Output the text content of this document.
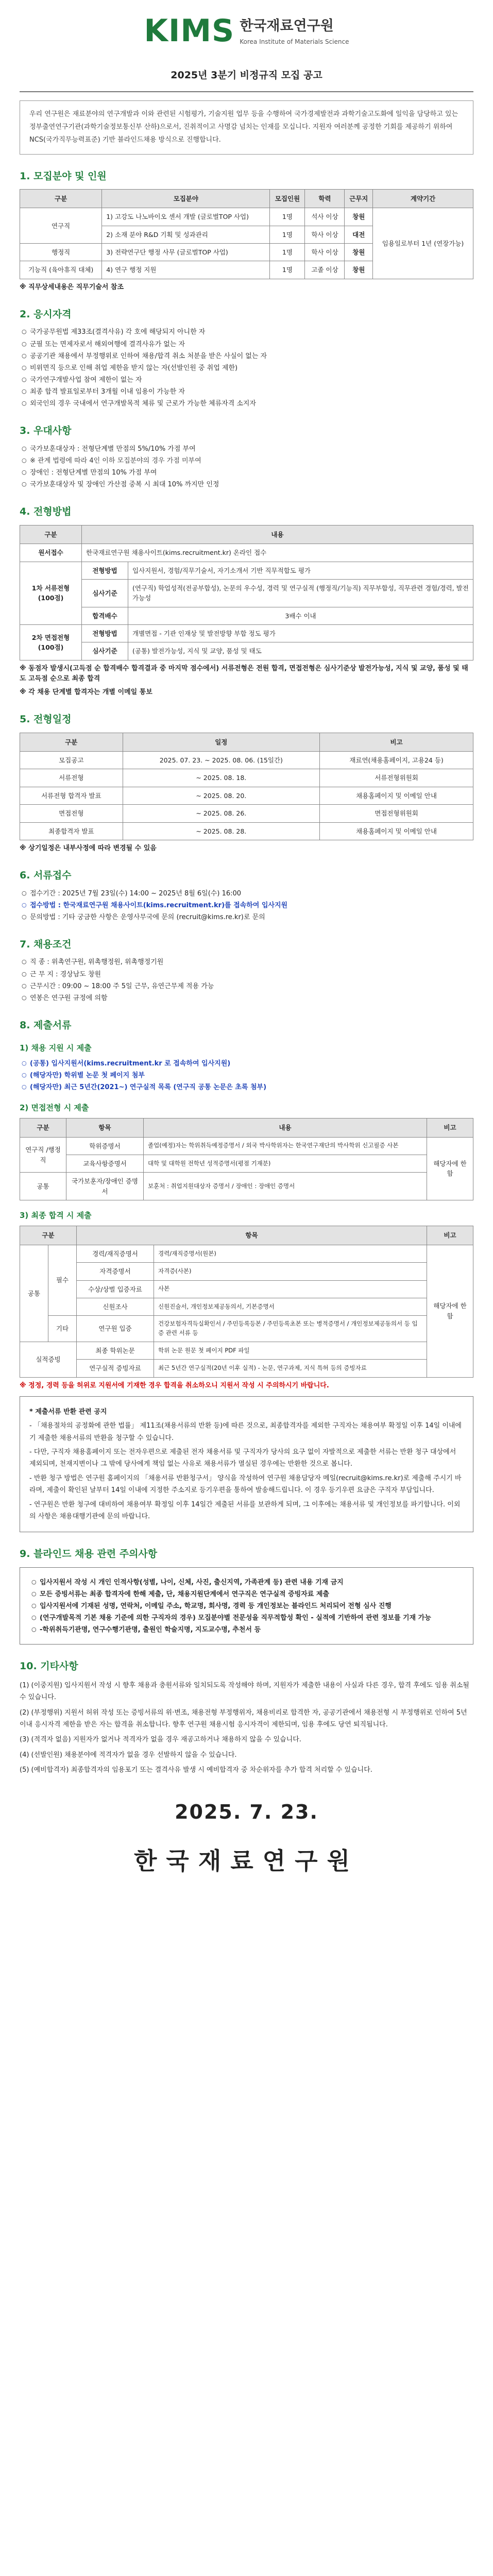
KIMS 한국재료연구원
Korea Institute of Materials Science
2025년 3분기 비정규직 모집 공고
우리 연구원은 재료분야의 연구개발과 이와 관련된 시험평가, 기술지원 업무 등을 수행하여 국가경제발전과 과학기술고도화에 일익을 담당하고 있는 정부출연연구기관(과학기술정보통신부 산하)으로서, 진취적이고 사명감 넘치는 인재를 모십니다. 지원자 여러분께 공정한 기회를 제공하기 위하여 NCS(국가직무능력표준) 기반 블라인드채용 방식으로 진행합니다.
1. 모집분야 및 인원
구분	모집분야	모집인원	학력	근무지	계약기간
연구직	1) 고강도 나노바이오 센서 개발 (글로벌TOP 사업)	1명	석사 이상	창원	임용일로부터 1년 (연장가능)
	2) 소재 분야 R&D 기획 및 성과관리	1명	학사 이상	대전	
행정직	3) 전략연구단 행정 사무 (글로벌TOP 사업)	1명	학사 이상	창원	
기능직 (육아휴직 대체)	4) 연구 행정 지원	1명	고졸 이상	창원	

※ 직무상세내용은 직무기술서 참조

2. 응시자격
○ 국가공무원법 제33조(결격사유) 각 호에 해당되지 아니한 자
○ 군필 또는 면제자로서 해외여행에 결격사유가 없는 자
○ 공공기관 채용에서 부정행위로 인하여 채용/합격 취소 처분을 받은 사실이 없는 자
○ 비위면직 등으로 인해 취업 제한을 받지 않는 자(선발인원 중 취업 제한)
○ 국가연구개발사업 참여 제한이 없는 자
○ 최종 합격 발표일로부터 3개월 이내 임용이 가능한 자
○ 외국인의 경우 국내에서 연구개발목적 체류 및 근로가 가능한 체류자격 소지자
3. 우대사항
○ 국가보훈대상자 : 전형단계별 만점의 5%/10% 가점 부여
○ ※ 관계 법령에 따라 4인 이하 모집분야의 경우 가점 미부여
○ 장애인 : 전형단계별 만점의 10% 가점 부여
○ 국가보훈대상자 및 장애인 가산점 중복 시 최대 10% 까지만 인정
4. 전형방법
구분	내용	
원서접수	한국재료연구원 채용사이트(kims.recruitment.kr) 온라인 접수	
1차 서류전형 (100점)	전형방법	입사지원서, 경험/직무기술서, 자기소개서 기반 직무적합도 평가
	심사기준	(연구직) 학업성적(전공부합성), 논문의 우수성, 경력 및 연구실적 (행정직/기능직) 직무부합성, 직무관련 경험/경력, 발전가능성
	합격배수	3배수 이내
2차 면접전형 (100점)	전형방법	개별면접 - 기관 인재상 및 발전방향 부합 정도 평가
	심사기준	(공통) 발전가능성, 지식 및 교양, 품성 및 태도

※ 동점자 발생시(고득점 순 합격배수 합격결과 중 마지막 점수에서) 서류전형은 전원 합격, 면접전형은 심사기준상 발전가능성, 지식 및 교양, 품성 및 태도 고득점 순으로 최종 합격

※ 각 채용 단계별 합격자는 개별 이메일 통보

5. 전형일정
구분	일정	비고
모집공고	2025. 07. 23. ~ 2025. 08. 06. (15일간)	재료연(채용홈페이지, 고용24 등)
서류전형	~ 2025. 08. 18.	서류전형위원회
서류전형 합격자 발표	~ 2025. 08. 20.	채용홈페이지 및 이메일 안내
면접전형	~ 2025. 08. 26.	면접전형위원회
최종합격자 발표	~ 2025. 08. 28.	채용홈페이지 및 이메일 안내

※ 상기일정은 내부사정에 따라 변경될 수 있음

6. 서류접수
○ 접수기간 : 2025년 7월 23일(수) 14:00 ~ 2025년 8월 6일(수) 16:00
○ 접수방법 : 한국재료연구원 채용사이트(kims.recruitment.kr)를 접속하여 입사지원
○ 문의방법 : 기타 궁금한 사항은 운영사무국에 문의 (recruit@kims.re.kr)로 문의
7. 채용조건
○ 직 종 : 위촉연구원, 위촉행정원, 위촉행정기원
○ 근 무 지 : 경상남도 창원
○ 근무시간 : 09:00 ~ 18:00 주 5일 근무, 유연근무제 적용 가능
○ 연봉은 연구원 규정에 의함
8. 제출서류
1) 채용 지원 시 제출
○ (공통) 입사지원서(kims.recruitment.kr 로 접속하여 입사지원)
○ (해당자만) 학위별 논문 첫 페이지 첨부
○ (해당자만) 최근 5년간(2021~) 연구실적 목록 (연구직 공통 논문은 초록 첨부)
2) 면접전형 시 제출
구분	항목	내용	비고
연구직 /행정직	학위증명서	졸업(예정)자는 학위취득예정증명서 / 외국 박사학위자는 한국연구재단의 박사학위 신고필증 사본	해당자에 한함
	교육사항증명서	대학 및 대학원 전학년 성적증명서(평점 기재분)	
공통	국가보훈자/장애인 증명서	보훈처 : 취업지원대상자 증명서 / 장애인 : 장애인 증명서	
3) 최종 합격 시 제출
구분		항목		비고
공통	필수	경력/재직증명서	경력/재직증명서(원본)	해당자에 한함
		자격증명서	자격증(사본)	
		수상/상벌 입증자료	사본	
		신원조사	신원진술서, 개인정보제공동의서, 기본증명서	
	기타	연구원 입증	건강보험자격득실확인서 / 주민등록등본 / 주민등록초본 또는 병적증명서 / 개인정보제공동의서 등 입증 관련 서류 등	
실적증빙		최종 학위논문	학위 논문 원문 첫 페이지 PDF 파일	
		연구실적 증빙자료	최근 5년간 연구실적(20년 이후 실적) - 논문, 연구과제, 지식 특허 등의 증빙자료	

※ 정정, 경력 등을 허위로 지원서에 기재한 경우 합격을 취소하오니 지원서 작성 시 주의하시기 바랍니다.

* 제출서류 반환 관련 공지

- 「채용절차의 공정화에 관한 법률」 제11조(채용서류의 반환 등)에 따른 것으로, 최종합격자를 제외한 구직자는 채용여부 확정일 이후 14일 이내에 기 제출한 채용서류의 반환을 청구할 수 있습니다.

- 다만, 구직자 채용홈페이지 또는 전자우편으로 제출된 전자 채용서류 및 구직자가 당사의 요구 없이 자발적으로 제출한 서류는 반환 청구 대상에서 제외되며, 천재지변이나 그 밖에 당사에게 책임 없는 사유로 채용서류가 멸실된 경우에는 반환한 것으로 봅니다.

- 반환 청구 방법은 연구원 홈페이지의 「채용서류 반환청구서」 양식을 작성하여 연구원 채용담당자 메일(recruit@kims.re.kr)로 제출해 주시기 바라며, 제출이 확인된 날부터 14일 이내에 지정한 주소지로 등기우편을 통하여 발송해드립니다. 이 경우 등기우편 요금은 구직자 부담입니다.

- 연구원은 반환 청구에 대비하여 채용여부 확정일 이후 14일간 제출된 서류를 보관하게 되며, 그 이후에는 채용서류 및 개인정보를 파기합니다. 이외의 사항은 채용대행기관에 문의 바랍니다.

9. 블라인드 채용 관련 주의사항
○ 입사지원서 작성 시 개인 인적사항(성별, 나이, 신체, 사진, 출신지역, 가족관계 등) 관련 내용 기재 금지
○ 모든 증빙서류는 최종 합격자에 한해 제출, 단, 채용지원단계에서 연구직은 연구실적 증빙자료 제출
○ 입사지원서에 기재된 성명, 연락처, 이메일 주소, 학교명, 회사명, 경력 등 개인정보는 블라인드 처리되어 전형 심사 진행
○ (연구개발목적 기본 채용 기준에 의한 구직자의 경우) 모집분야별 전문성을 직무적합성 확인 - 실적에 기반하여 관련 정보를 기재 가능
○ -학위취득기관명, 연구수행기관명, 출원인 학술지명, 지도교수명, 추천서 등
10. 기타사항

(1) (이중지원) 입사지원서 작성 시 향후 채용과 충원서류와 일치되도록 작성해야 하며, 지원자가 제출한 내용이 사실과 다른 경우, 합격 후에도 임용 취소될 수 있습니다.

(2) (부정행위) 지원서 허위 작성 또는 증빙서류의 위·변조, 채용전형 부정행위자, 채용비리로 합격한 자, 공공기관에서 채용전형 시 부정행위로 인하여 5년 이내 응시자격 제한을 받은 자는 합격을 취소합니다. 향후 연구원 채용시험 응시자격이 제한되며, 임용 후에도 당연 퇴직됩니다.

(3) (적격자 없음) 지원자가 없거나 적격자가 없을 경우 재공고하거나 채용하지 않을 수 있습니다.

(4) (선발인원) 채용분야에 적격자가 없을 경우 선발하지 않을 수 있습니다.

(5) (예비합격자) 최종합격자의 임용포기 또는 결격사유 발생 시 예비합격자 중 차순위자를 추가 합격 처리할 수 있습니다.

2025. 7. 23.
한국재료연구원
